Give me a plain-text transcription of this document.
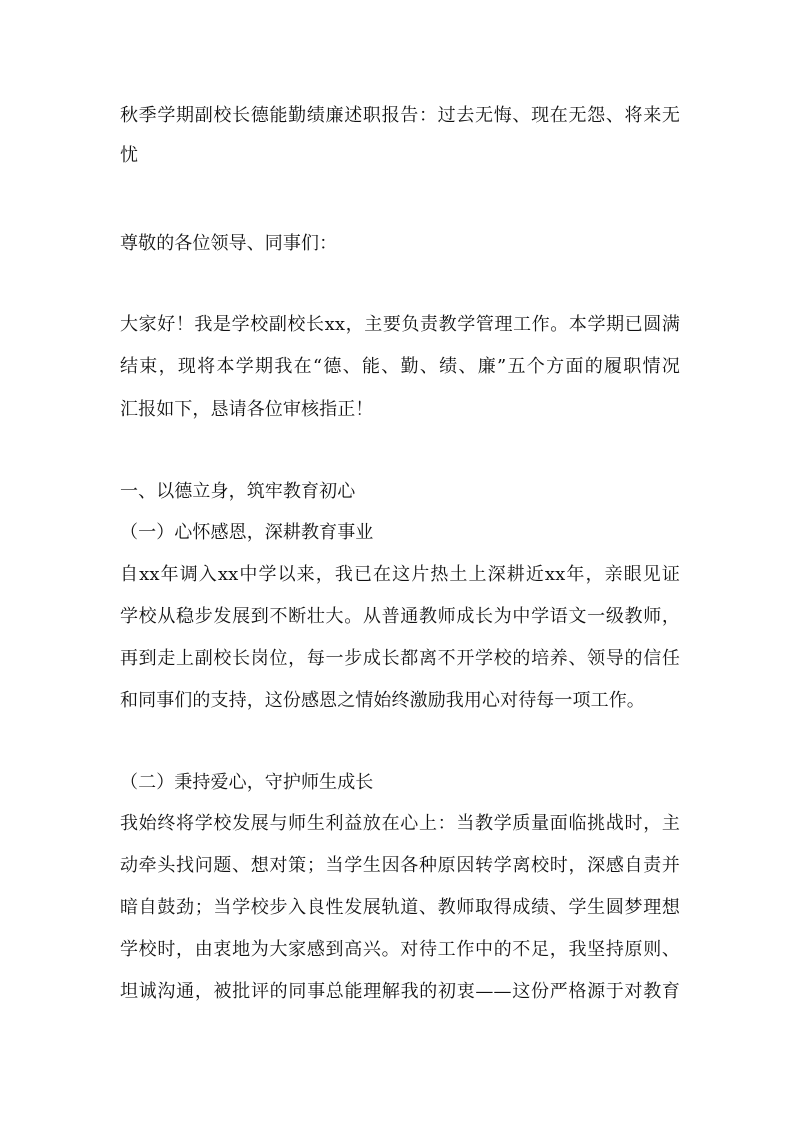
秋季学期副校长德能勤绩廉述职报告：过去无悔、现在无怨、将来无
忧
尊敬的各位领导、同事们：
大家好！我是学校副校长xx，主要负责教学管理工作。本学期已圆满
结束，现将本学期我在“德、能、勤、绩、廉”五个方面的履职情况
汇报如下，恳请各位审核指正！
一、以德立身，筑牢教育初心
（一）心怀感恩，深耕教育事业
自xx年调入xx中学以来，我已在这片热土上深耕近xx年，亲眼见证
学校从稳步发展到不断壮大。从普通教师成长为中学语文一级教师，
再到走上副校长岗位，每一步成长都离不开学校的培养、领导的信任
和同事们的支持，这份感恩之情始终激励我用心对待每一项工作。
（二）秉持爱心，守护师生成长
我始终将学校发展与师生利益放在心上：当教学质量面临挑战时，主
动牵头找问题、想对策；当学生因各种原因转学离校时，深感自责并
暗自鼓劲；当学校步入良性发展轨道、教师取得成绩、学生圆梦理想
学校时，由衷地为大家感到高兴。对待工作中的不足，我坚持原则、
坦诚沟通，被批评的同事总能理解我的初衷——这份严格源于对教育
